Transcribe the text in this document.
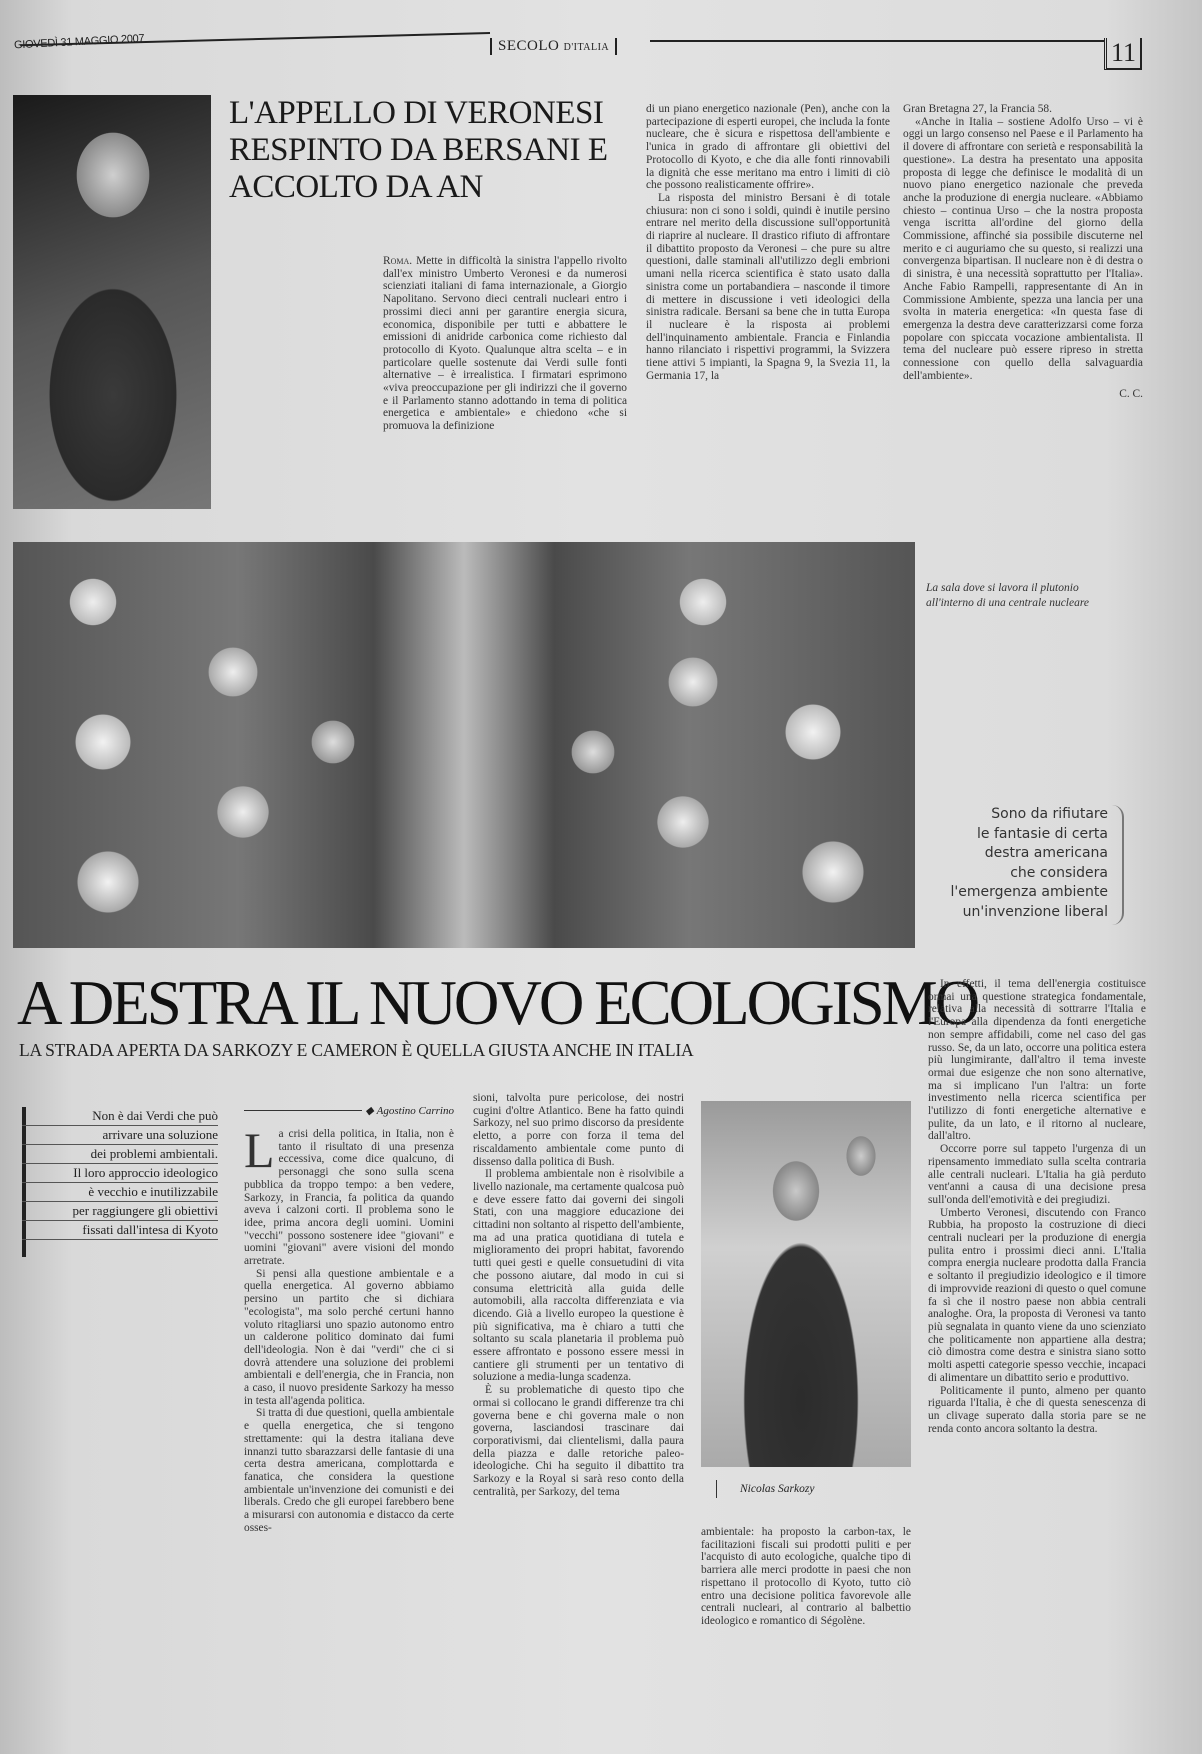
GIOVEDÌ 31 MAGGIO 2007	SECOLO D'ITALIA	11
L'APPELLO DI VERONESI RESPINTO DA BERSANI E ACCOLTO DA AN

Roma. Mette in difficoltà la sinistra l'appello rivolto dall'ex ministro Umberto Veronesi e da numerosi scienziati italiani di fama internazionale, a Giorgio Napolitano. Servono dieci centrali nucleari entro i prossimi dieci anni per garantire energia sicura, economica, disponibile per tutti e abbattere le emissioni di anidride carbonica come richiesto dal protocollo di Kyoto. Qualunque altra scelta – e in particolare quelle sostenute dai Verdi sulle fonti alternative – è irrealistica. I firmatari esprimono «viva preoccupazione per gli indirizzi che il governo e il Parlamento stanno adottando in tema di politica energetica e ambientale» e chiedono «che si promuova la definizione

di un piano energetico nazionale (Pen), anche con la partecipazione di esperti europei, che includa la fonte nucleare, che è sicura e rispettosa dell'ambiente e l'unica in grado di affrontare gli obiettivi del Protocollo di Kyoto, e che dia alle fonti rinnovabili la dignità che esse meritano ma entro i limiti di ciò che possono realisticamente offrire».

La risposta del ministro Bersani è di totale chiusura: non ci sono i soldi, quindi è inutile persino entrare nel merito della discussione sull'opportunità di riaprire al nucleare. Il drastico rifiuto di affrontare il dibattito proposto da Veronesi – che pure su altre questioni, dalle staminali all'utilizzo degli embrioni umani nella ricerca scientifica è stato usato dalla sinistra come un portabandiera – nasconde il timore di mettere in discussione i veti ideologici della sinistra radicale. Bersani sa bene che in tutta Europa il nucleare è la risposta ai problemi dell'inquinamento ambientale. Francia e Finlandia hanno rilanciato i rispettivi programmi, la Svizzera tiene attivi 5 impianti, la Spagna 9, la Svezia 11, la Germania 17, la

Gran Bretagna 27, la Francia 58.

«Anche in Italia – sostiene Adolfo Urso – vi è oggi un largo consenso nel Paese e il Parlamento ha il dovere di affrontare con serietà e responsabilità la questione». La destra ha presentato una apposita proposta di legge che definisce le modalità di un nuovo piano energetico nazionale che preveda anche la produzione di energia nucleare. «Abbiamo chiesto – continua Urso – che la nostra proposta venga iscritta all'ordine del giorno della Commissione, affinché sia possibile discuterne nel merito e ci auguriamo che su questo, si realizzi una convergenza bipartisan. Il nucleare non è di destra o di sinistra, è una necessità soprattutto per l'Italia». Anche Fabio Rampelli, rappresentante di An in Commissione Ambiente, spezza una lancia per una svolta in materia energetica: «In questa fase di emergenza la destra deve caratterizzarsi come forza popolare con spiccata vocazione ambientalista. Il tema del nucleare può essere ripreso in stretta connessione con quello della salvaguardia dell'ambiente».

C. C.

La sala dove si lavora il plutonio all'interno di una centrale nucleare
Sono da rifiutare
le fantasie di certa
destra americana
che considera
l'emergenza ambiente
un'invenzione liberal
A DESTRA IL NUOVO ECOLOGISMO
LA STRADA APERTA DA SARKOZY E CAMERON È QUELLA GIUSTA ANCHE IN ITALIA
Non è dai Verdi che può
arrivare una soluzione
dei problemi ambientali.
Il loro approccio ideologico
è vecchio e inutilizzabile
per raggiungere gli obiettivi
fissati dall'intesa di Kyoto
◆ Agostino Carrino

La crisi della politica, in Italia, non è tanto il risultato di una presenza eccessiva, come dice qualcuno, di personaggi che sono sulla scena pubblica da troppo tempo: a ben vedere, Sarkozy, in Francia, fa politica da quando aveva i calzoni corti. Il problema sono le idee, prima ancora degli uomini. Uomini "vecchi" possono sostenere idee "giovani" e uomini "giovani" avere visioni del mondo arretrate.

Si pensi alla questione ambientale e a quella energetica. Al governo abbiamo persino un partito che si dichiara "ecologista", ma solo perché certuni hanno voluto ritagliarsi uno spazio autonomo entro un calderone politico dominato dai fumi dell'ideologia. Non è dai "verdi" che ci si dovrà attendere una soluzione dei problemi ambientali e dell'energia, che in Francia, non a caso, il nuovo presidente Sarkozy ha messo in testa all'agenda politica.

Si tratta di due questioni, quella ambientale e quella energetica, che si tengono strettamente: qui la destra italiana deve innanzi tutto sbarazzarsi delle fantasie di una certa destra americana, complottarda e fanatica, che considera la questione ambientale un'invenzione dei comunisti e dei liberals. Credo che gli europei farebbero bene a misurarsi con autonomia e distacco da certe osses-

sioni, talvolta pure pericolose, dei nostri cugini d'oltre Atlantico. Bene ha fatto quindi Sarkozy, nel suo primo discorso da presidente eletto, a porre con forza il tema del riscaldamento ambientale come punto di dissenso dalla politica di Bush.

Il problema ambientale non è risolvibile a livello nazionale, ma certamente qualcosa può e deve essere fatto dai governi dei singoli Stati, con una maggiore educazione dei cittadini non soltanto al rispetto dell'ambiente, ma ad una pratica quotidiana di tutela e miglioramento dei propri habitat, favorendo tutti quei gesti e quelle consuetudini di vita che possono aiutare, dal modo in cui si consuma elettricità alla guida delle automobili, alla raccolta differenziata e via dicendo. Già a livello europeo la questione è più significativa, ma è chiaro a tutti che soltanto su scala planetaria il problema può essere affrontato e possono essere messi in cantiere gli strumenti per un tentativo di soluzione a media-lunga scadenza.

È su problematiche di questo tipo che ormai si collocano le grandi differenze tra chi governa bene e chi governa male o non governa, lasciandosi trascinare dai corporativismi, dai clientelismi, dalla paura della piazza e dalle retoriche paleo-ideologiche. Chi ha seguito il dibattito tra Sarkozy e la Royal si sarà reso conto della centralità, per Sarkozy, del tema	Nicolas Sarkozy

ambientale: ha proposto la carbon-tax, le facilitazioni fiscali sui prodotti puliti e per l'acquisto di auto ecologiche, qualche tipo di barriera alle merci prodotte in paesi che non rispettano il protocollo di Kyoto, tutto ciò entro una decisione politica favorevole alle centrali nucleari, al contrario al balbettio ideologico e romantico di Ségolène.

In effetti, il tema dell'energia costituisce ormai una questione strategica fondamentale, relativa alla necessità di sottrarre l'Italia e l'Europa alla dipendenza da fonti energetiche non sempre affidabili, come nel caso del gas russo. Se, da un lato, occorre una politica estera più lungimirante, dall'altro il tema investe ormai due esigenze che non sono alternative, ma si implicano l'un l'altra: un forte investimento nella ricerca scientifica per l'utilizzo di fonti energetiche alternative e pulite, da un lato, e il ritorno al nucleare, dall'altro.

Occorre porre sul tappeto l'urgenza di un ripensamento immediato sulla scelta contraria alle centrali nucleari. L'Italia ha già perduto vent'anni a causa di una decisione presa sull'onda dell'emotività e dei pregiudizi.

Umberto Veronesi, discutendo con Franco Rubbia, ha proposto la costruzione di dieci centrali nucleari per la produzione di energia pulita entro i prossimi dieci anni. L'Italia compra energia nucleare prodotta dalla Francia e soltanto il pregiudizio ideologico e il timore di improvvide reazioni di questo o quel comune fa sì che il nostro paese non abbia centrali analoghe. Ora, la proposta di Veronesi va tanto più segnalata in quanto viene da uno scienziato che politicamente non appartiene alla destra; ciò dimostra come destra e sinistra siano sotto molti aspetti categorie spesso vecchie, incapaci di alimentare un dibattito serio e produttivo.

Politicamente il punto, almeno per quanto riguarda l'Italia, è che di questa senescenza di un clivage superato dalla storia pare se ne renda conto ancora soltanto la destra.
